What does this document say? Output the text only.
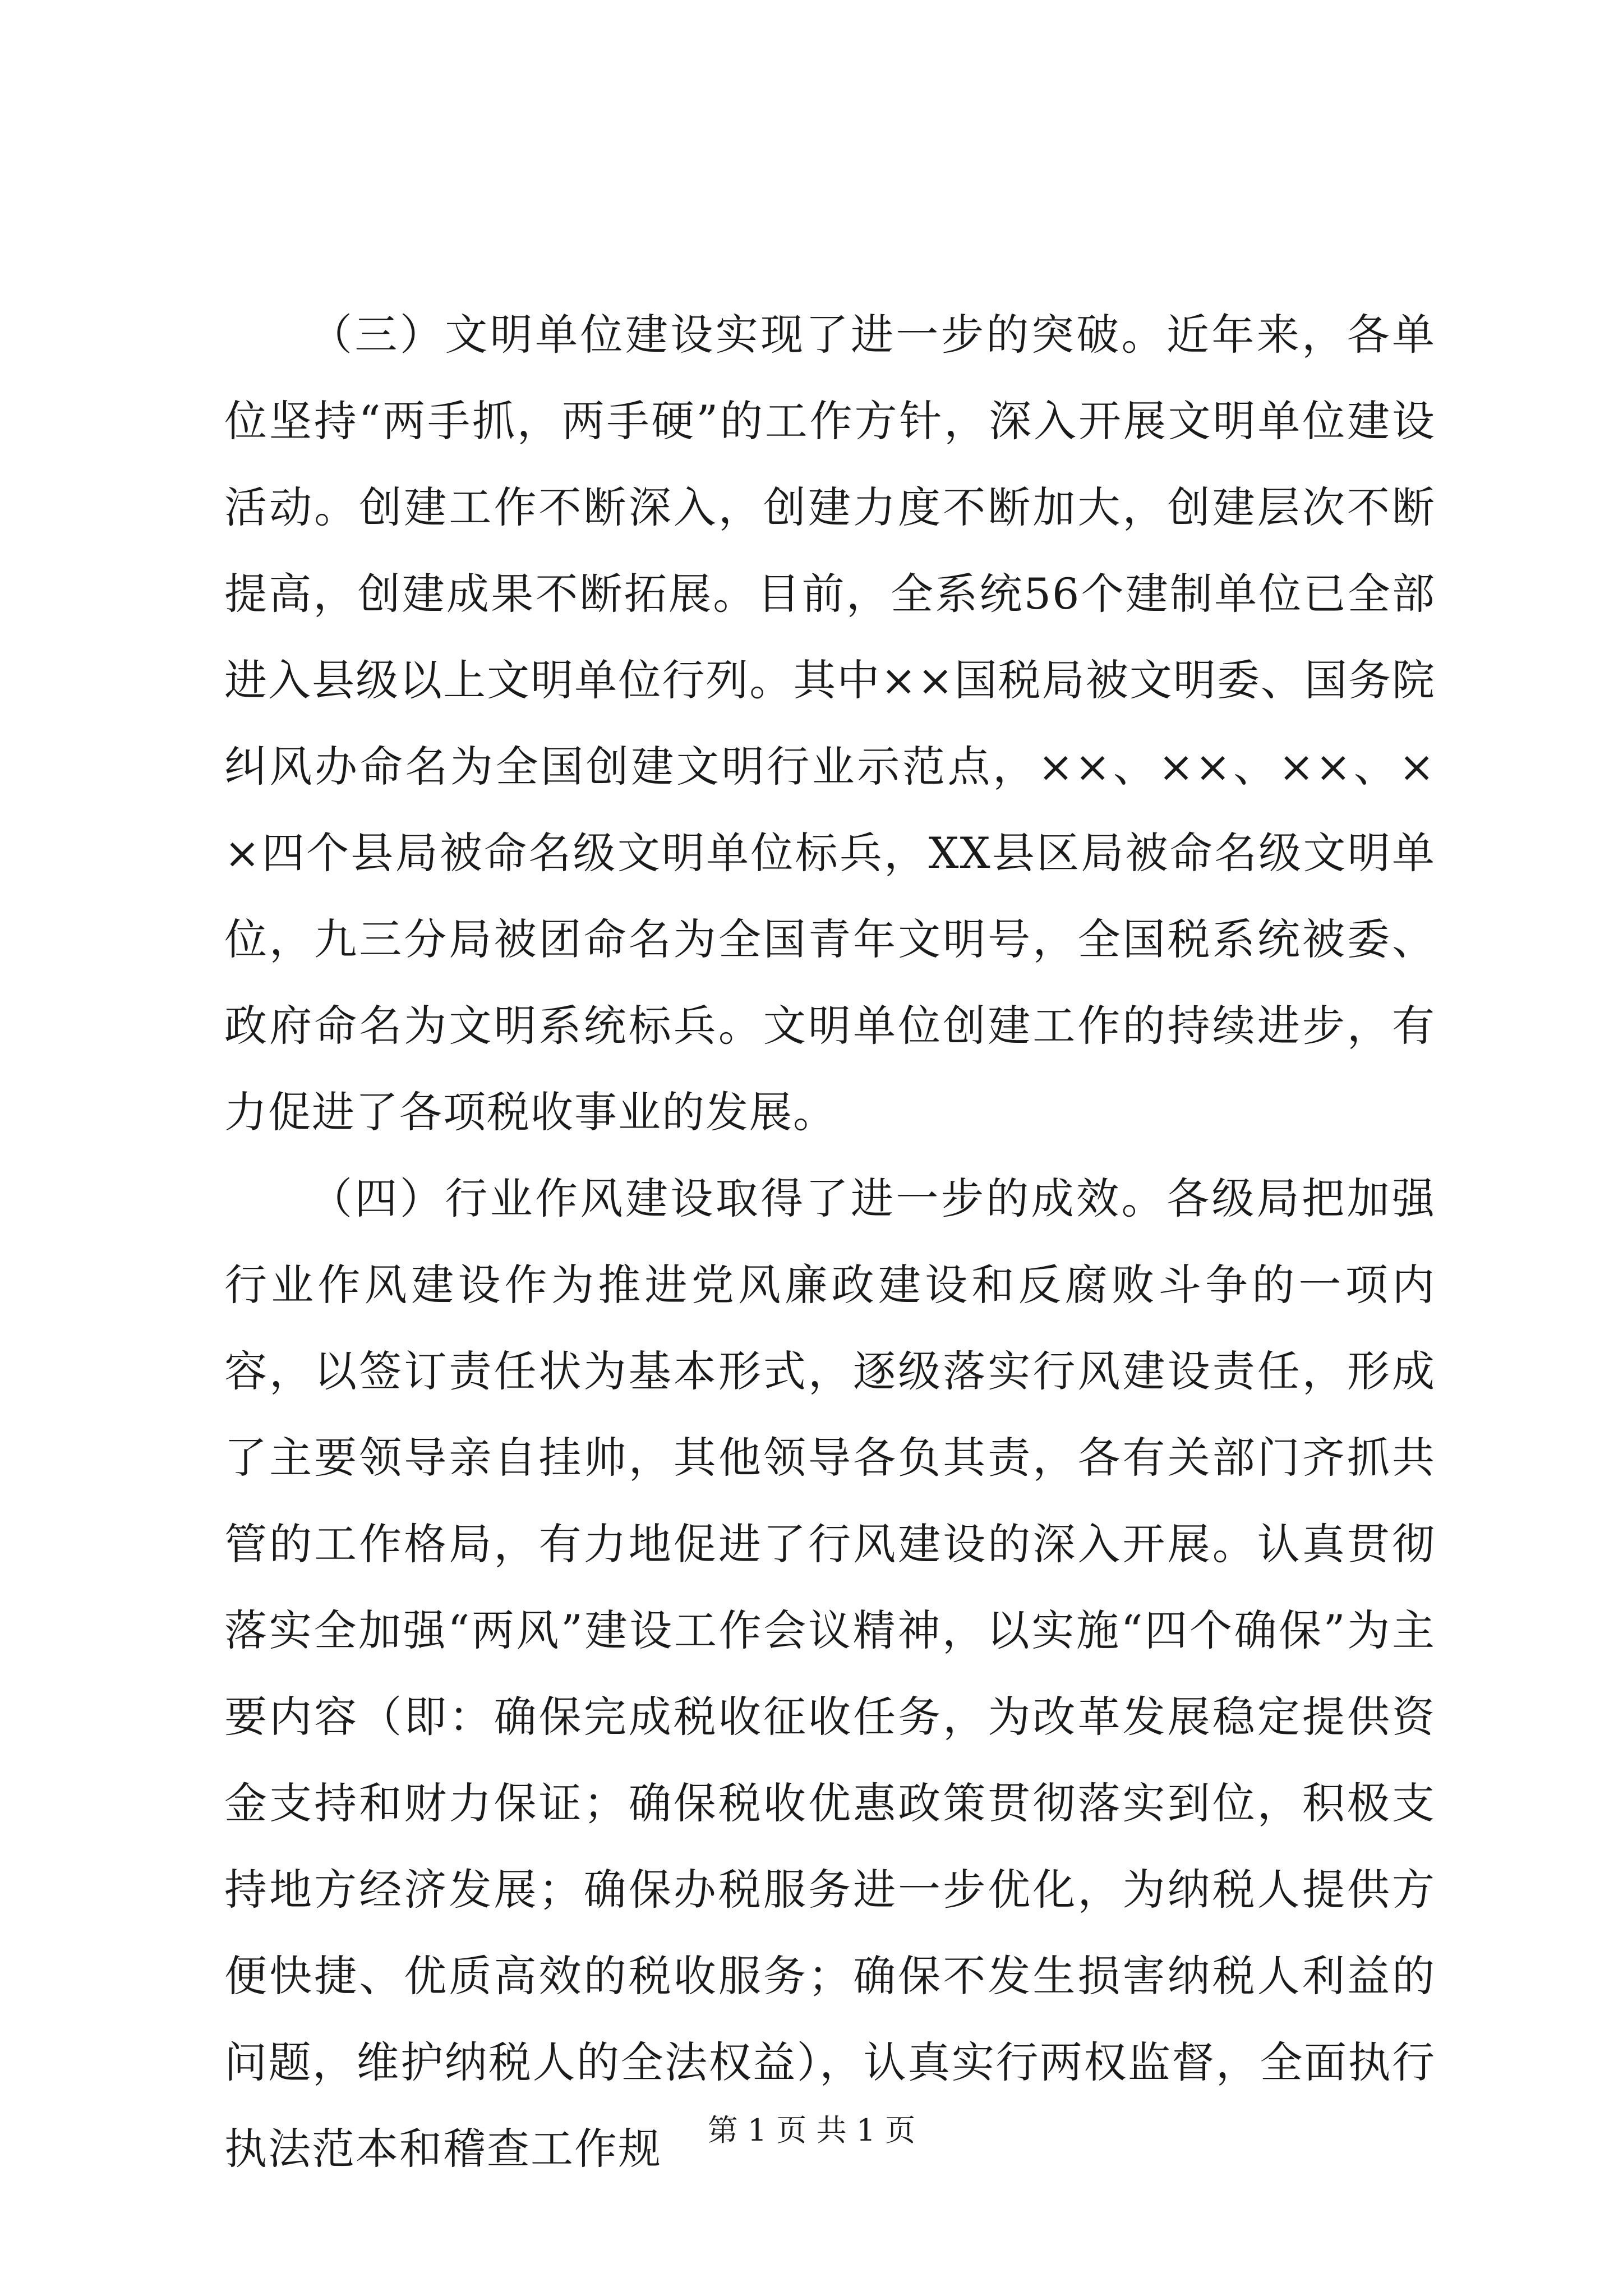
（三）文明单位建设实现了进一步的突破。近年来，各单位坚持“两手抓，两手硬”的工作方针，深入开展文明单位建设活动。创建工作不断深入，创建力度不断加大，创建层次不断提高，创建成果不断拓展。目前，全系统56个建制单位已全部进入县级以上文明单位行列。其中××国税局被文明委、国务院纠风办命名为全国创建文明行业示范点，××、××、××、××四个县局被命名级文明单位标兵，XX县区局被命名级文明单位，九三分局被团命名为全国青年文明号，全国税系统被委、政府命名为文明系统标兵。文明单位创建工作的持续进步，有力促进了各项税收事业的发展。

（四）行业作风建设取得了进一步的成效。各级局把加强行业作风建设作为推进党风廉政建设和反腐败斗争的一项内容，以签订责任状为基本形式，逐级落实行风建设责任，形成了主要领导亲自挂帅，其他领导各负其责，各有关部门齐抓共管的工作格局，有力地促进了行风建设的深入开展。认真贯彻落实全加强“两风”建设工作会议精神，以实施“四个确保”为主要内容（即：确保完成税收征收任务，为改革发展稳定提供资金支持和财力保证；确保税收优惠政策贯彻落实到位，积极支持地方经济发展；确保办税服务进一步优化，为纳税人提供方便快捷、优质高效的税收服务；确保不发生损害纳税人利益的问题，维护纳税人的全法权益），认真实行两权监督，全面执行执法范本和稽查工作规	第 1 页 共 1 页
